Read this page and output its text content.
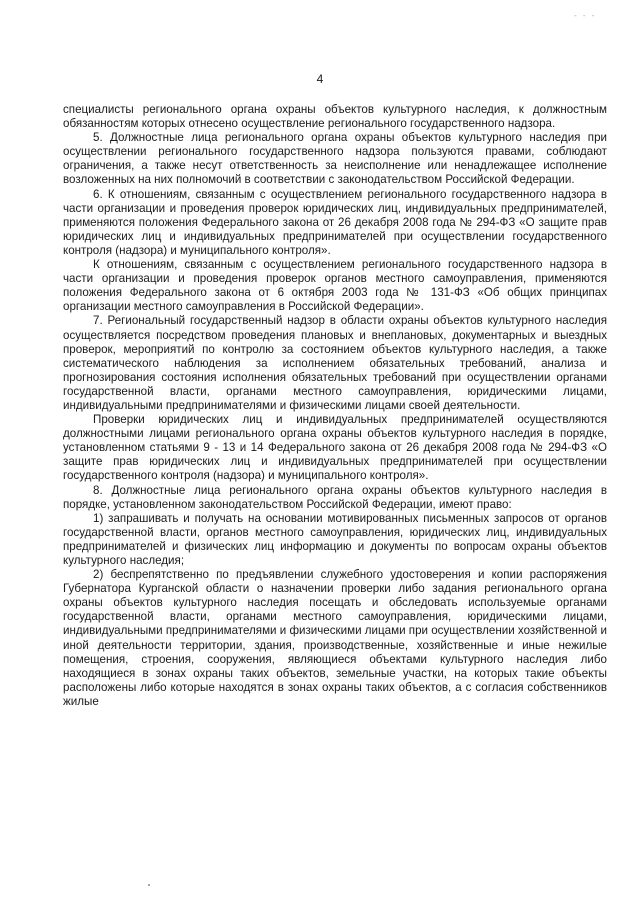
- - -
4

специалисты регионального органа охраны объектов культурного наследия, к должностным обязанностям которых отнесено осуществление регионального государственного надзора.

5. Должностные лица регионального органа охраны объектов культурного наследия при осуществлении регионального государственного надзора пользуются правами, соблюдают ограничения, а также несут ответственность за неисполнение или ненадлежащее исполнение возложенных на них полномочий в соответствии с законодательством Российской Федерации.

6. К отношениям, связанным с осуществлением регионального государственного надзора в части организации и проведения проверок юридических лиц, индивидуальных предпринимателей, применяются положения Федерального закона от 26 декабря 2008 года № 294-ФЗ «О защите прав юридических лиц и индивидуальных предпринимателей при осуществлении государственного контроля (надзора) и муниципального контроля».

К отношениям, связанным с осуществлением регионального государственного надзора в части организации и проведения проверок органов местного самоуправления, применяются положения Федерального закона от 6 октября 2003 года № 131-ФЗ «Об общих принципах организации местного самоуправления в Российской Федерации».

7. Региональный государственный надзор в области охраны объектов культурного наследия осуществляется посредством проведения плановых и внеплановых, документарных и выездных проверок, мероприятий по контролю за состоянием объектов культурного наследия, а также систематического наблюдения за исполнением обязательных требований, анализа и прогнозирования состояния исполнения обязательных требований при осуществлении органами государственной власти, органами местного самоуправления, юридическими лицами, индивидуальными предпринимателями и физическими лицами своей деятельности.

Проверки юридических лиц и индивидуальных предпринимателей осуществляются должностными лицами регионального органа охраны объектов культурного наследия в порядке, установленном статьями 9 - 13 и 14 Федерального закона от 26 декабря 2008 года № 294-ФЗ «О защите прав юридических лиц и индивидуальных предпринимателей при осуществлении государственного контроля (надзора) и муниципального контроля».

8. Должностные лица регионального органа охраны объектов культурного наследия в порядке, установленном законодательством Российской Федерации, имеют право:

1) запрашивать и получать на основании мотивированных письменных запросов от органов государственной власти, органов местного самоуправления, юридических лиц, индивидуальных предпринимателей и физических лиц информацию и документы по вопросам охраны объектов культурного наследия;

2) беспрепятственно по предъявлении служебного удостоверения и копии распоряжения Губернатора Курганской области о назначении проверки либо задания регионального органа охраны объектов культурного наследия посещать и обследовать используемые органами государственной власти, органами местного самоуправления, юридическими лицами, индивидуальными предпринимателями и физическими лицами при осуществлении хозяйственной и иной деятельности территории, здания, производственные, хозяйственные и иные нежилые помещения, строения, сооружения, являющиеся объектами культурного наследия либо находящиеся в зонах охраны таких объектов, земельные участки, на которых такие объекты расположены либо которые находятся в зонах охраны таких объектов, а с согласия собственников жилые
